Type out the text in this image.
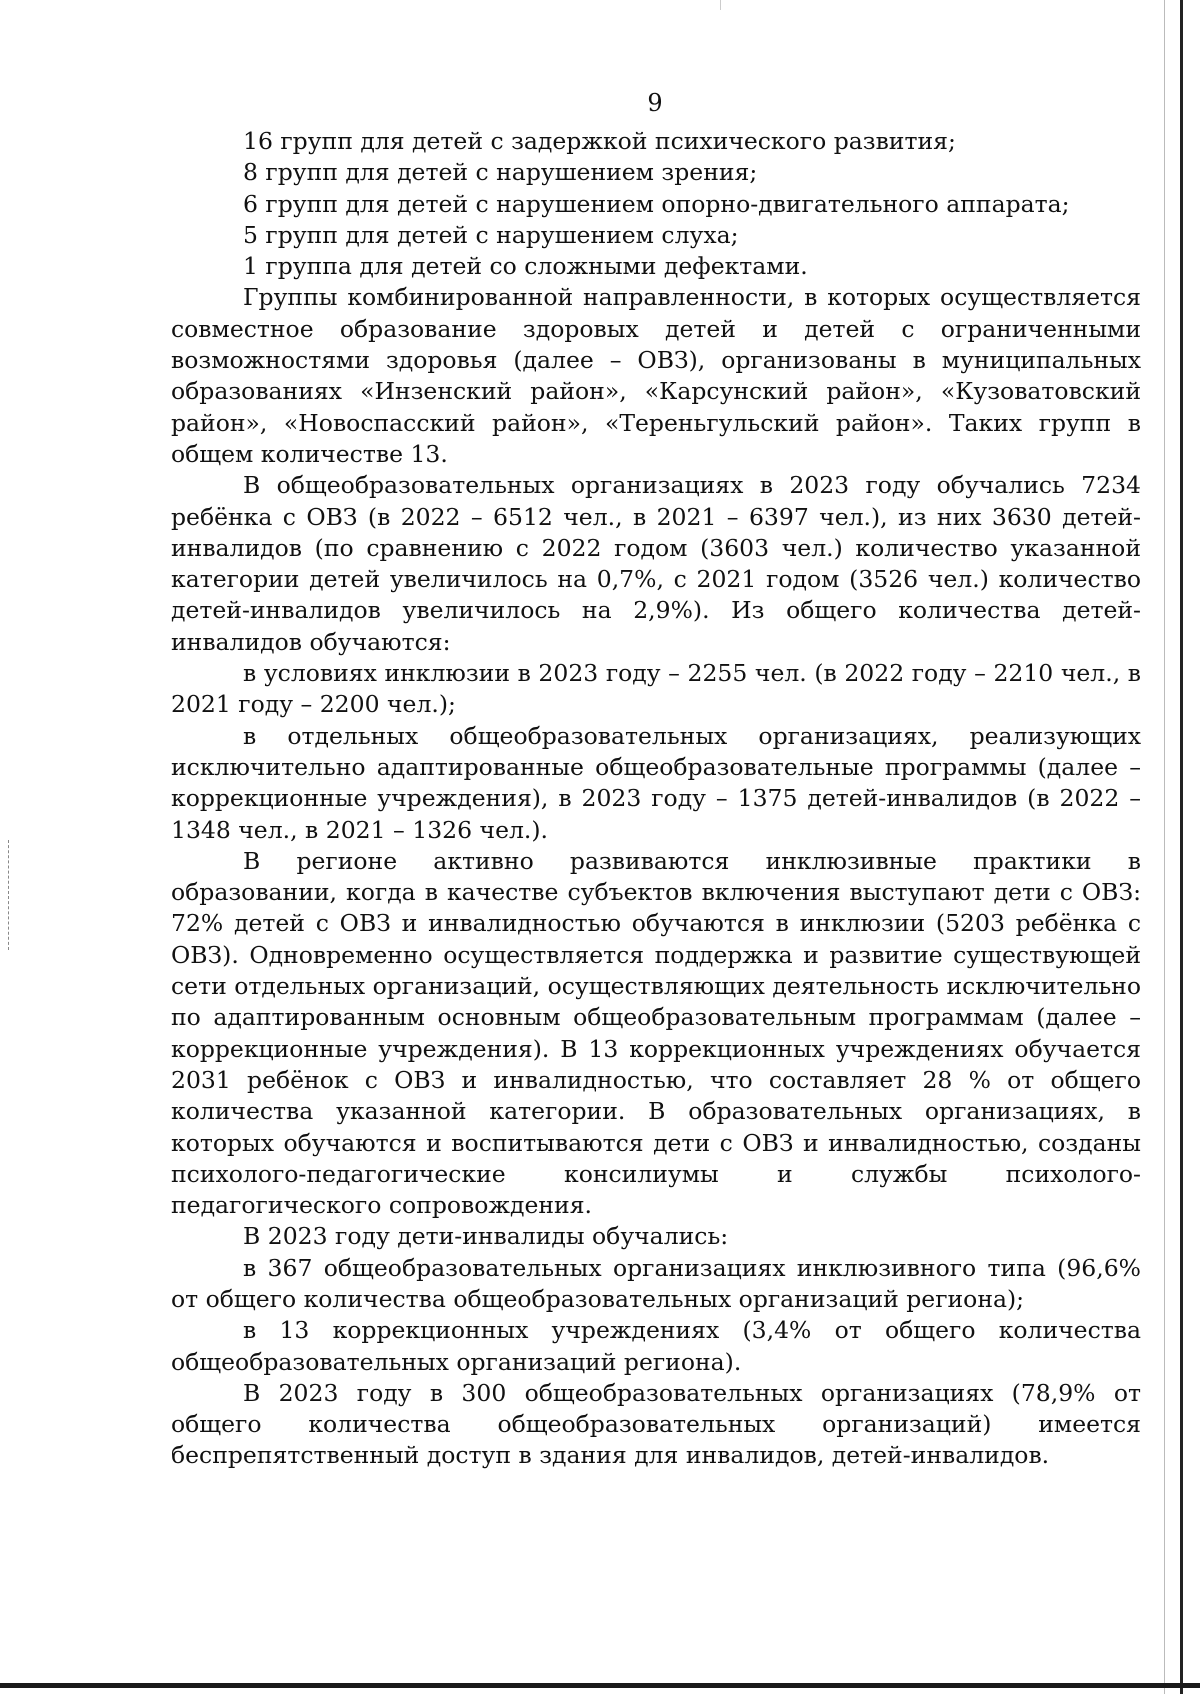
9

16 групп для детей с задержкой психического развития;

8 групп для детей с нарушением зрения;

6 групп для детей с нарушением опорно-двигательного аппарата;

5 групп для детей с нарушением слуха;

1 группа для детей со сложными дефектами.

Группы комбинированной направленности, в которых осуществляется совместное образование здоровых детей и детей с ограниченными возможностями здоровья (далее – ОВЗ), организованы в муниципальных образованиях «Инзенский район», «Карсунский район», «Кузоватовский район», «Новоспасский район», «Тереньгульский район». Таких групп в общем количестве 13.

В общеобразовательных организациях в 2023 году обучались 7234 ребёнка с ОВЗ (в 2022 – 6512 чел., в 2021 – 6397 чел.), из них 3630 детей-инвалидов (по сравнению с 2022 годом (3603 чел.) количество указанной категории детей увеличилось на 0,7%, с 2021 годом (3526 чел.) количество детей-инвалидов увеличилось на 2,9%). Из общего количества детей-инвалидов обучаются:

в условиях инклюзии в 2023 году – 2255 чел. (в 2022 году – 2210 чел., в 2021 году – 2200 чел.);

в отдельных общеобразовательных организациях, реализующих исключительно адаптированные общеобразовательные программы (далее – коррекционные учреждения), в 2023 году – 1375 детей-инвалидов (в 2022 – 1348 чел., в 2021 – 1326 чел.).

В регионе активно развиваются инклюзивные практики в образовании, когда в качестве субъектов включения выступают дети с ОВЗ: 72% детей с ОВЗ и инвалидностью обучаются в инклюзии (5203 ребёнка с ОВЗ). Одновременно осуществляется поддержка и развитие существующей сети отдельных организаций, осуществляющих деятельность исключительно по адаптированным основным общеобразовательным программам (далее – коррекционные учреждения). В 13 коррекционных учреждениях обучается 2031 ребёнок с ОВЗ и инвалидностью, что составляет 28 % от общего количества указанной категории. В образовательных организациях, в которых обучаются и воспитываются дети с ОВЗ и инвалидностью, созданы психолого-педагогические консилиумы и службы психолого-педагогического сопровождения.

В 2023 году дети-инвалиды обучались:

в 367 общеобразовательных организациях инклюзивного типа (96,6% от общего количества общеобразовательных организаций региона);

в 13 коррекционных учреждениях (3,4% от общего количества общеобразовательных организаций региона).

В 2023 году в 300 общеобразовательных организациях (78,9% от общего количества общеобразовательных организаций) имеется беспрепятственный доступ в здания для инвалидов, детей-инвалидов.
